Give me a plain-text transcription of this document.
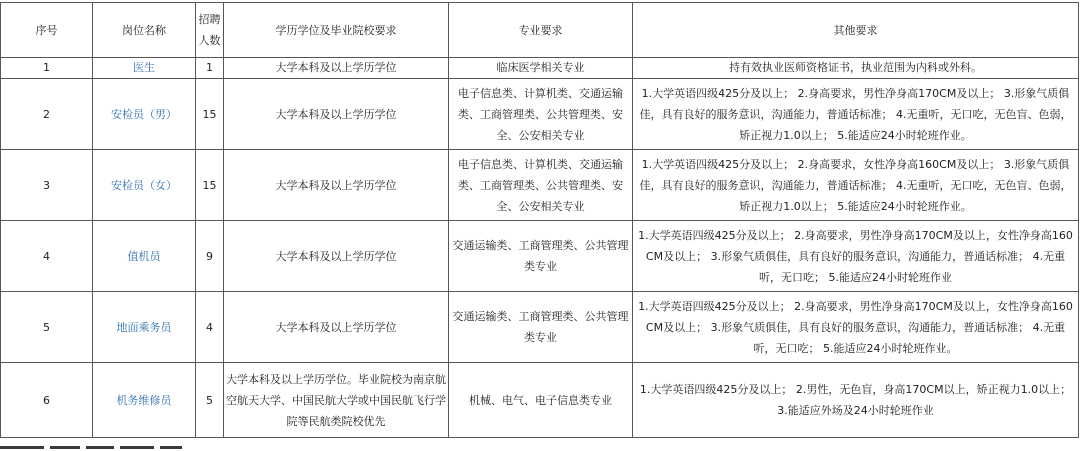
序号	岗位名称	招聘人数	学历学位及毕业院校要求	专业要求	其他要求
1	医生	1	大学本科及以上学历学位	临床医学相关专业	持有效执业医师资格证书，执业范围为内科或外科。
2	安检员（男）	15	大学本科及以上学历学位	电子信息类、计算机类、交通运输类、工商管理类、公共管理类、安全、公安相关专业	1.大学英语四级425分及以上； 2.身高要求，男性净身高170CM及以上； 3.形象气质俱佳，具有良好的服务意识，沟通能力，普通话标准； 4.无重听，无口吃，无色盲、色弱，矫正视力1.0以上； 5.能适应24小时轮班作业。
3	安检员（女）	15	大学本科及以上学历学位	电子信息类、计算机类、交通运输类、工商管理类、公共管理类、安全、公安相关专业	1.大学英语四级425分及以上； 2.身高要求，女性净身高160CM及以上； 3.形象气质俱佳，具有良好的服务意识，沟通能力，普通话标准； 4.无重听，无口吃，无色盲、色弱，矫正视力1.0以上； 5.能适应24小时轮班作业。
4	值机员	9	大学本科及以上学历学位	交通运输类、工商管理类、公共管理类专业	1.大学英语四级425分及以上； 2.身高要求，男性净身高170CM及以上，女性净身高160CM及以上； 3.形象气质俱佳，具有良好的服务意识，沟通能力，普通话标准； 4.无重听，无口吃； 5.能适应24小时轮班作业
5	地面乘务员	4	大学本科及以上学历学位	交通运输类、工商管理类、公共管理类专业	1.大学英语四级425分及以上； 2.身高要求，男性净身高170CM及以上，女性净身高160CM及以上； 3.形象气质俱佳，具有良好的服务意识，沟通能力，普通话标准； 4.无重听，无口吃； 5.能适应24小时轮班作业。
6	机务维修员	5	大学本科及以上学历学位。毕业院校为南京航空航天大学、中国民航大学或中国民航飞行学院等民航类院校优先	机械、电气、电子信息类专业	1.大学英语四级425分及以上； 2.男性，无色盲，身高170CM以上，矫正视力1.0以上； 3.能适应外场及24小时轮班作业
